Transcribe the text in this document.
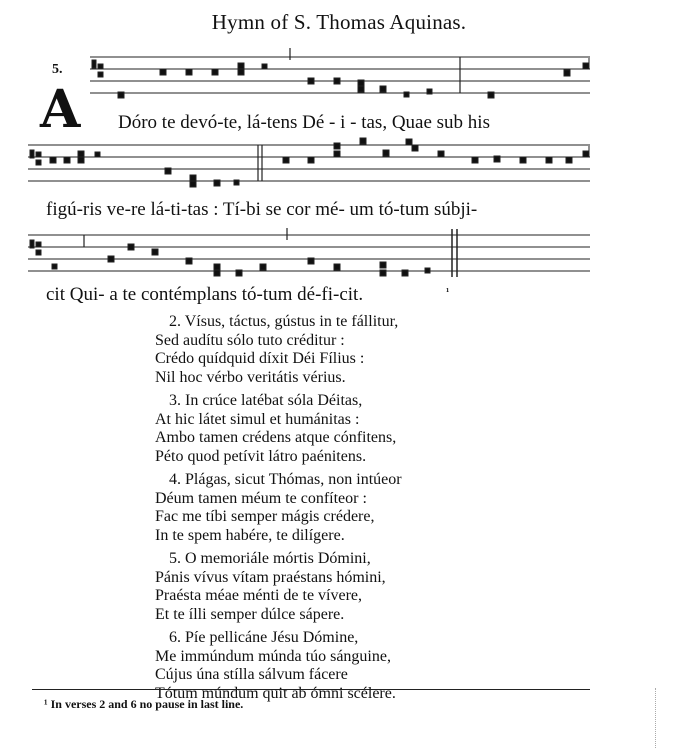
Hymn of S. Thomas Aquinas.
5.
A Dóro te devó-te, lá-tens Dé - i - tas, Quae sub his
figú-ris ve-re lá-ti-tas : Tí-bi se cor mé- um tó-tum súbji-
cit Qui- a te contémplans tó-tum dé-fi-cit.	¹
2. Vísus, táctus, gústus in te fállitur,
Sed audítu sólo tuto créditur :
Crédo quídquid díxit Déi Fílius :
Nil hoc vérbo veritátis vérius.
3. In crúce latébat sóla Déitas,
At hic látet simul et humánitas :
Ambo tamen crédens atque cónfitens,
Péto quod petívit látro paénitens.
4. Plágas, sicut Thómas, non intúeor
Déum tamen méum te confíteor :
Fac me tíbi semper mágis crédere,
In te spem habére, te dilígere.
5. O memoriále mórtis Dómini,
Pánis vívus vítam praéstans hómini,
Praésta méae ménti de te vívere,
Et te ílli semper dúlce sápere.
6. Píe pellicáne Jésu Dómine,
Me immúndum múnda túo sánguine,
Cújus úna stílla sálvum fácere
Tótum múndum quit ab ómni scélere.
¹ In verses 2 and 6 no pause in last line.
